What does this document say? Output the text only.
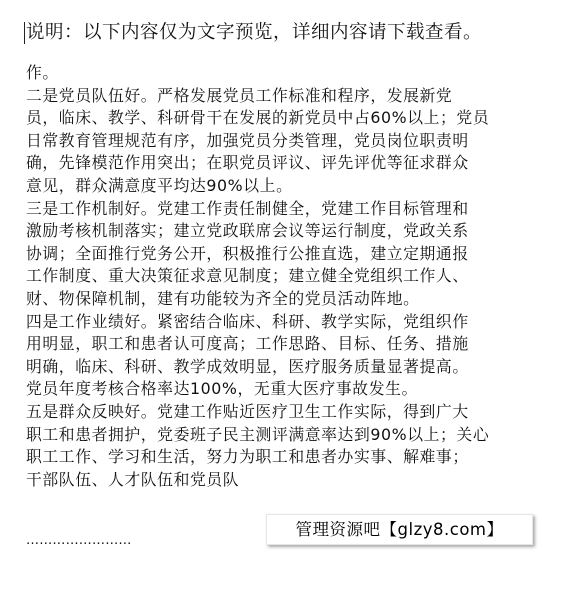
说明：以下内容仅为文字预览，详细内容请下载查看。
作。
二是党员队伍好。严格发展党员工作标准和程序，发展新党
员，临床、教学、科研骨干在发展的新党员中占60%以上；党员
日常教育管理规范有序，加强党员分类管理，党员岗位职责明
确，先锋模范作用突出；在职党员评议、评先评优等征求群众
意见，群众满意度平均达90%以上。
三是工作机制好。党建工作责任制健全，党建工作目标管理和
激励考核机制落实；建立党政联席会议等运行制度，党政关系
协调；全面推行党务公开，积极推行公推直选，建立定期通报
工作制度、重大决策征求意见制度；建立健全党组织工作人、
财、物保障机制，建有功能较为齐全的党员活动阵地。
四是工作业绩好。紧密结合临床、科研、教学实际，党组织作
用明显，职工和患者认可度高；工作思路、目标、任务、措施
明确，临床、科研、教学成效明显，医疗服务质量显著提高。
党员年度考核合格率达100%，无重大医疗事故发生。
五是群众反映好。党建工作贴近医疗卫生工作实际，得到广大
职工和患者拥护，党委班子民主测评满意率达到90%以上；关心
职工工作、学习和生活，努力为职工和患者办实事、解难事；
干部队伍、人才队伍和党员队
……………………
管理资源吧【glzy8.com】
